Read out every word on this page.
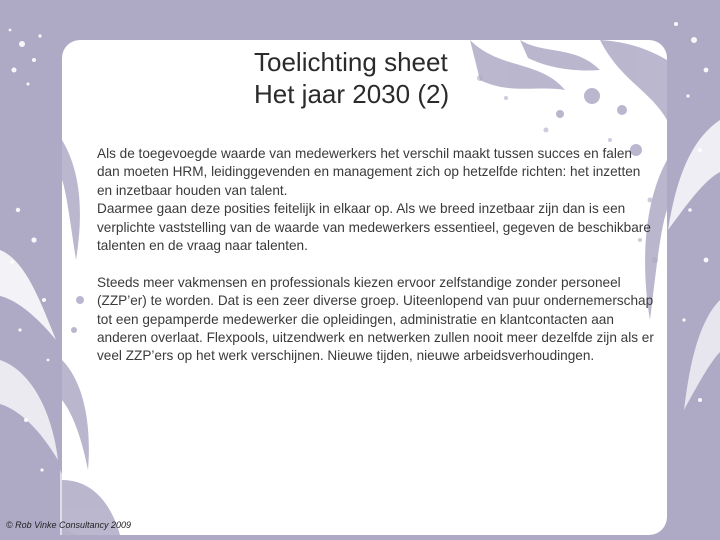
Toelichting sheet
Het jaar 2030 (2)
Als de toegevoegde waarde van medewerkers het verschil maakt tussen succes en falen dan moeten HRM, leidinggevenden en management zich op hetzelfde richten: het inzetten en inzetbaar houden van talent.

Daarmee gaan deze posities feitelijk in elkaar op. Als we breed inzetbaar zijn dan is een verplichte vaststelling van de waarde van medewerkers essentieel, gegeven de beschikbare talenten en de vraag naar talenten.

Steeds meer vakmensen en professionals kiezen ervoor zelfstandige zonder personeel (ZZP’er) te worden. Dat is een zeer diverse groep. Uiteenlopend van puur ondernemerschap tot een gepamperde medewerker die opleidingen, administratie en klantcontacten aan anderen overlaat. Flexpools, uitzendwerk en netwerken zullen nooit meer dezelfde zijn als er veel ZZP’ers op het werk verschijnen. Nieuwe tijden, nieuwe arbeidsverhoudingen.

© Rob Vinke Consultancy 2009
